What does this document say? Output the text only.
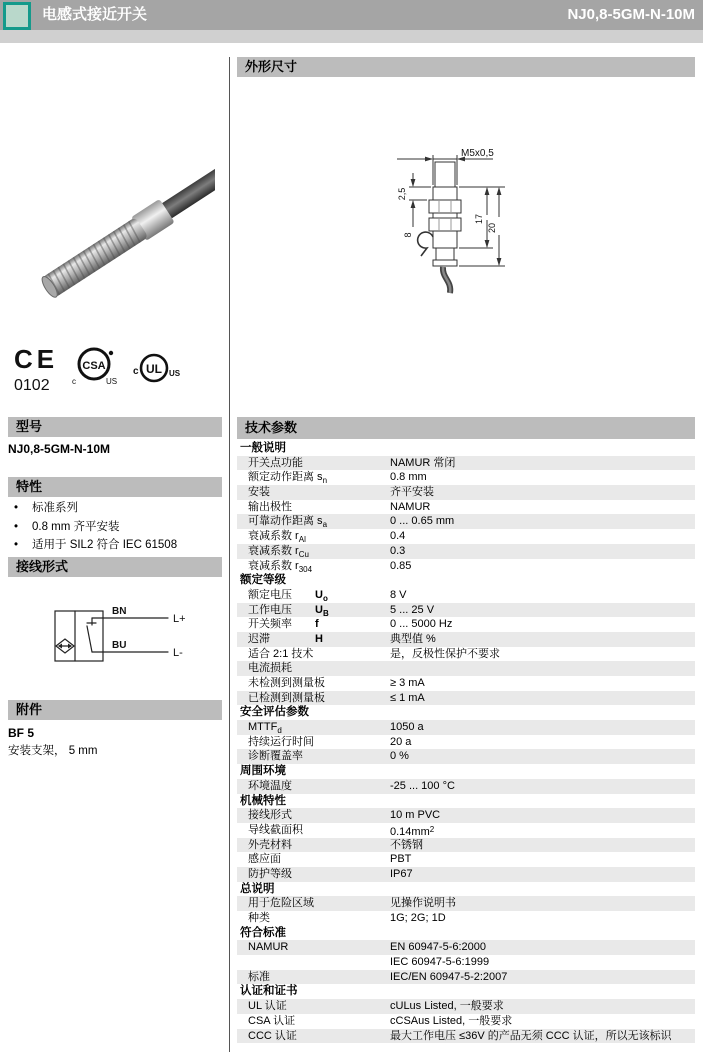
电感式接近开关	NJ0,8-5GM-N-10M
CE
0102
CSA
c	US
UL
c	US
型号
NJ0,8-5GM-N-10M
特性
•	标准系列
•	0.8 mm 齐平安装
•	适用于 SIL2 符合 IEC 61508
接线形式
BN
BU
L+
L-
附件
BF 5
安装支架， 5 mm
外形尺寸
M5x0,5
2,5
17
20
8
技术参数
一般说明
开关点功能	NAMUR 常闭
额定动作距离 $s_n$	0.8 mm
安装	齐平安装
输出极性	NAMUR
可靠动作距离 $s_a$	0 ... 0.65 mm
衰减系数 $r_{Al}$	0.4
衰减系数 $r_{Cu}$	0.3
衰减系数 $r_{304}$	0.85
额定等级
额定电压 $U_o$	8 V
工作电压 $U_B$	5 ... 25 V
开关频率 f	0 ... 5000 Hz
迟滞	H	典型值 %
适合 2:1 技术	是，反极性保护不要求
电流损耗
未检测到测量板	≥ 3 mA
已检测到测量板	≤ 1 mA
安全评估参数
$MTTF_d$	1050 a
持续运行时间	20 a
诊断覆盖率	0 %
周围环境
环境温度	-25 ... 100 °C
机械特性
接线形式	10 m PVC
导线截面积	$0.14mm^2$
外壳材料	不锈钢
感应面	PBT
防护等级	IP67
总说明
用于危险区域	见操作说明书
种类	1G; 2G; 1D
符合标准
NAMUR	EN 60947-5-6:2000
IEC 60947-5-6:1999
标准	IEC/EN 60947-5-2:2007
认证和证书
UL 认证	cULus Listed, 一般要求
CSA 认证	cCSAus Listed, 一般要求
CCC 认证	最大工作电压 ≤36V 的产品无须 CCC 认证，所以无该标识
